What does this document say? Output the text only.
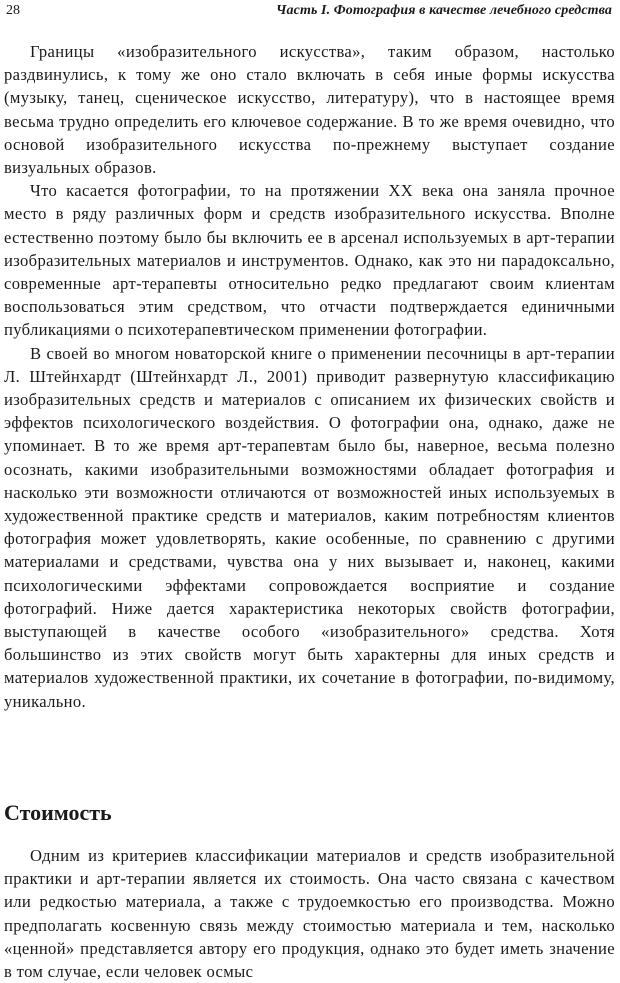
28	Часть I. Фотография в качестве лечебного средства

Границы «изобразительного искусства», таким образом, настолько раздвинулись, к тому же оно стало включать в себя иные формы искусства (музыку, танец, сценическое искусство, литературу), что в настоящее время весьма трудно определить его ключевое содержание. В то же время очевидно, что основой изобразительного искусства по-прежнему выступает создание визуальных образов.

Что касается фотографии, то на протяжении XX века она заняла прочное место в ряду различных форм и средств изобразительного искусства. Вполне естественно поэтому было бы включить ее в арсенал используемых в арт-терапии изобразительных материалов и инструментов. Однако, как это ни парадоксально, современные арт-терапевты относительно редко предлагают своим клиентам воспользоваться этим средством, что отчасти подтверждается единичными публикациями о психотерапевтическом применении фотографии.

В своей во многом новаторской книге о применении песочницы в арт-терапии Л. Штейнхардт (Штейнхардт Л., 2001) приводит развернутую классификацию изобразительных средств и материалов с описанием их физических свойств и эффектов психологического воздействия. О фотографии она, однако, даже не упоминает. В то же время арт-терапевтам было бы, наверное, весьма полезно осознать, какими изобразительными возможностями обладает фотография и насколько эти возможности отличаются от возможностей иных используемых в художественной практике средств и материалов, каким потребностям клиентов фотография может удовлетворять, какие особенные, по сравнению с другими материалами и средствами, чувства она у них вызывает и, наконец, какими психологическими эффектами сопровождается восприятие и создание фотографий. Ниже дается характеристика некоторых свойств фотографии, выступающей в качестве особого «изобразительного» средства. Хотя большинство из этих свойств могут быть характерны для иных средств и материалов художественной практики, их сочетание в фотографии, по-видимому, уникально.

Стоимость

Одним из критериев классификации материалов и средств изобразительной практики и арт-терапии является их стоимость. Она часто связана с качеством или редкостью материала, а также с трудоемкостью его производства. Можно предполагать косвенную связь между стоимостью материала и тем, насколько «ценной» представляется автору его продукция, однако это будет иметь значение в том случае, если человек осмыс
